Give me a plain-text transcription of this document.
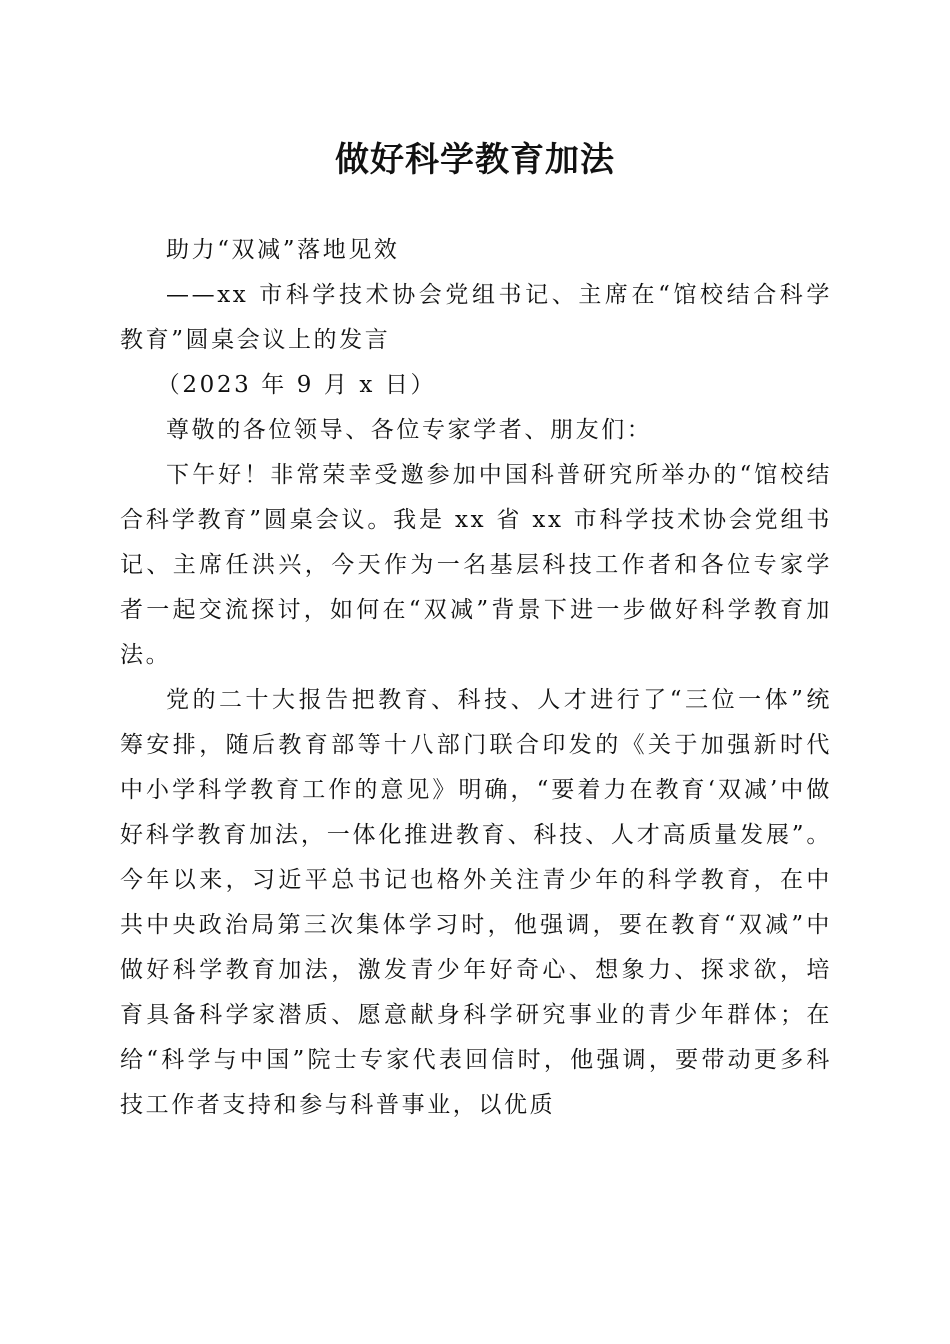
做好科学教育加法

助力“双减”落地见效

——xx 市科学技术协会党组书记、主席在“馆校结合科学教育”圆桌会议上的发言

（2023 年 9 月 x 日）

尊敬的各位领导、各位专家学者、朋友们：

下午好！非常荣幸受邀参加中国科普研究所举办的“馆校结合科学教育”圆桌会议。我是 xx 省 xx 市科学技术协会党组书记、主席任洪兴，今天作为一名基层科技工作者和各位专家学者一起交流探讨，如何在“双减”背景下进一步做好科学教育加法。

党的二十大报告把教育、科技、人才进行了“三位一体”统筹安排，随后教育部等十八部门联合印发的《关于加强新时代中小学科学教育工作的意见》明确，“要着力在教育‘双减’中做好科学教育加法，一体化推进教育、科技、人才高质量发展”。今年以来，习近平总书记也格外关注青少年的科学教育，在中共中央政治局第三次集体学习时，他强调，要在教育“双减”中做好科学教育加法，激发青少年好奇心、想象力、探求欲，培育具备科学家潜质、愿意献身科学研究事业的青少年群体；在给“科学与中国”院士专家代表回信时，他强调，要带动更多科技工作者支持和参与科普事业，以优质
